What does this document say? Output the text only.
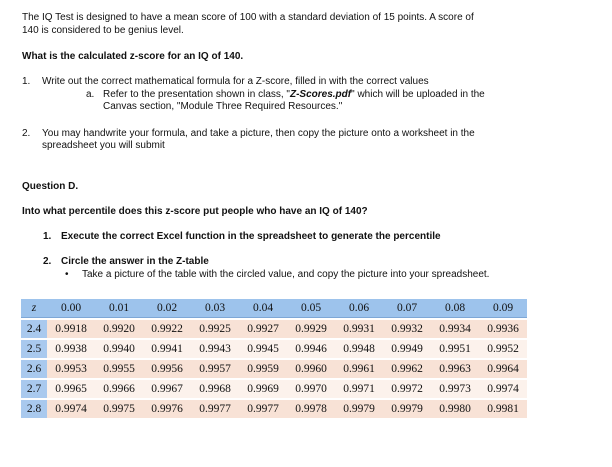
The IQ Test is designed to have a mean score of 100 with a standard deviation of 15 points. A score of
140 is considered to be genius level.
What is the calculated z-score for an IQ of 140.
1. Write out the correct mathematical formula for a Z-score, filled in with the correct values
a. Refer to the presentation shown in class, "Z-Scores.pdf" which will be uploaded in the
Canvas section, "Module Three Required Resources."
2. You may handwrite your formula, and take a picture, then copy the picture onto a worksheet in the
spreadsheet you will submit
Question D.
Into what percentile does this z-score put people who have an IQ of 140?
1. Execute the correct Excel function in the spreadsheet to generate the percentile
2. Circle the answer in the Z-table
• Take a picture of the table with the circled value, and copy the picture into your spreadsheet.
z	0.00	0.01	0.02	0.03	0.04	0.05	0.06	0.07	0.08	0.09
2.4	0.9918	0.9920	0.9922	0.9925	0.9927	0.9929	0.9931	0.9932	0.9934	0.9936
2.5	0.9938	0.9940	0.9941	0.9943	0.9945	0.9946	0.9948	0.9949	0.9951	0.9952
2.6	0.9953	0.9955	0.9956	0.9957	0.9959	0.9960	0.9961	0.9962	0.9963	0.9964
2.7	0.9965	0.9966	0.9967	0.9968	0.9969	0.9970	0.9971	0.9972	0.9973	0.9974
2.8	0.9974	0.9975	0.9976	0.9977	0.9977	0.9978	0.9979	0.9979	0.9980	0.9981
